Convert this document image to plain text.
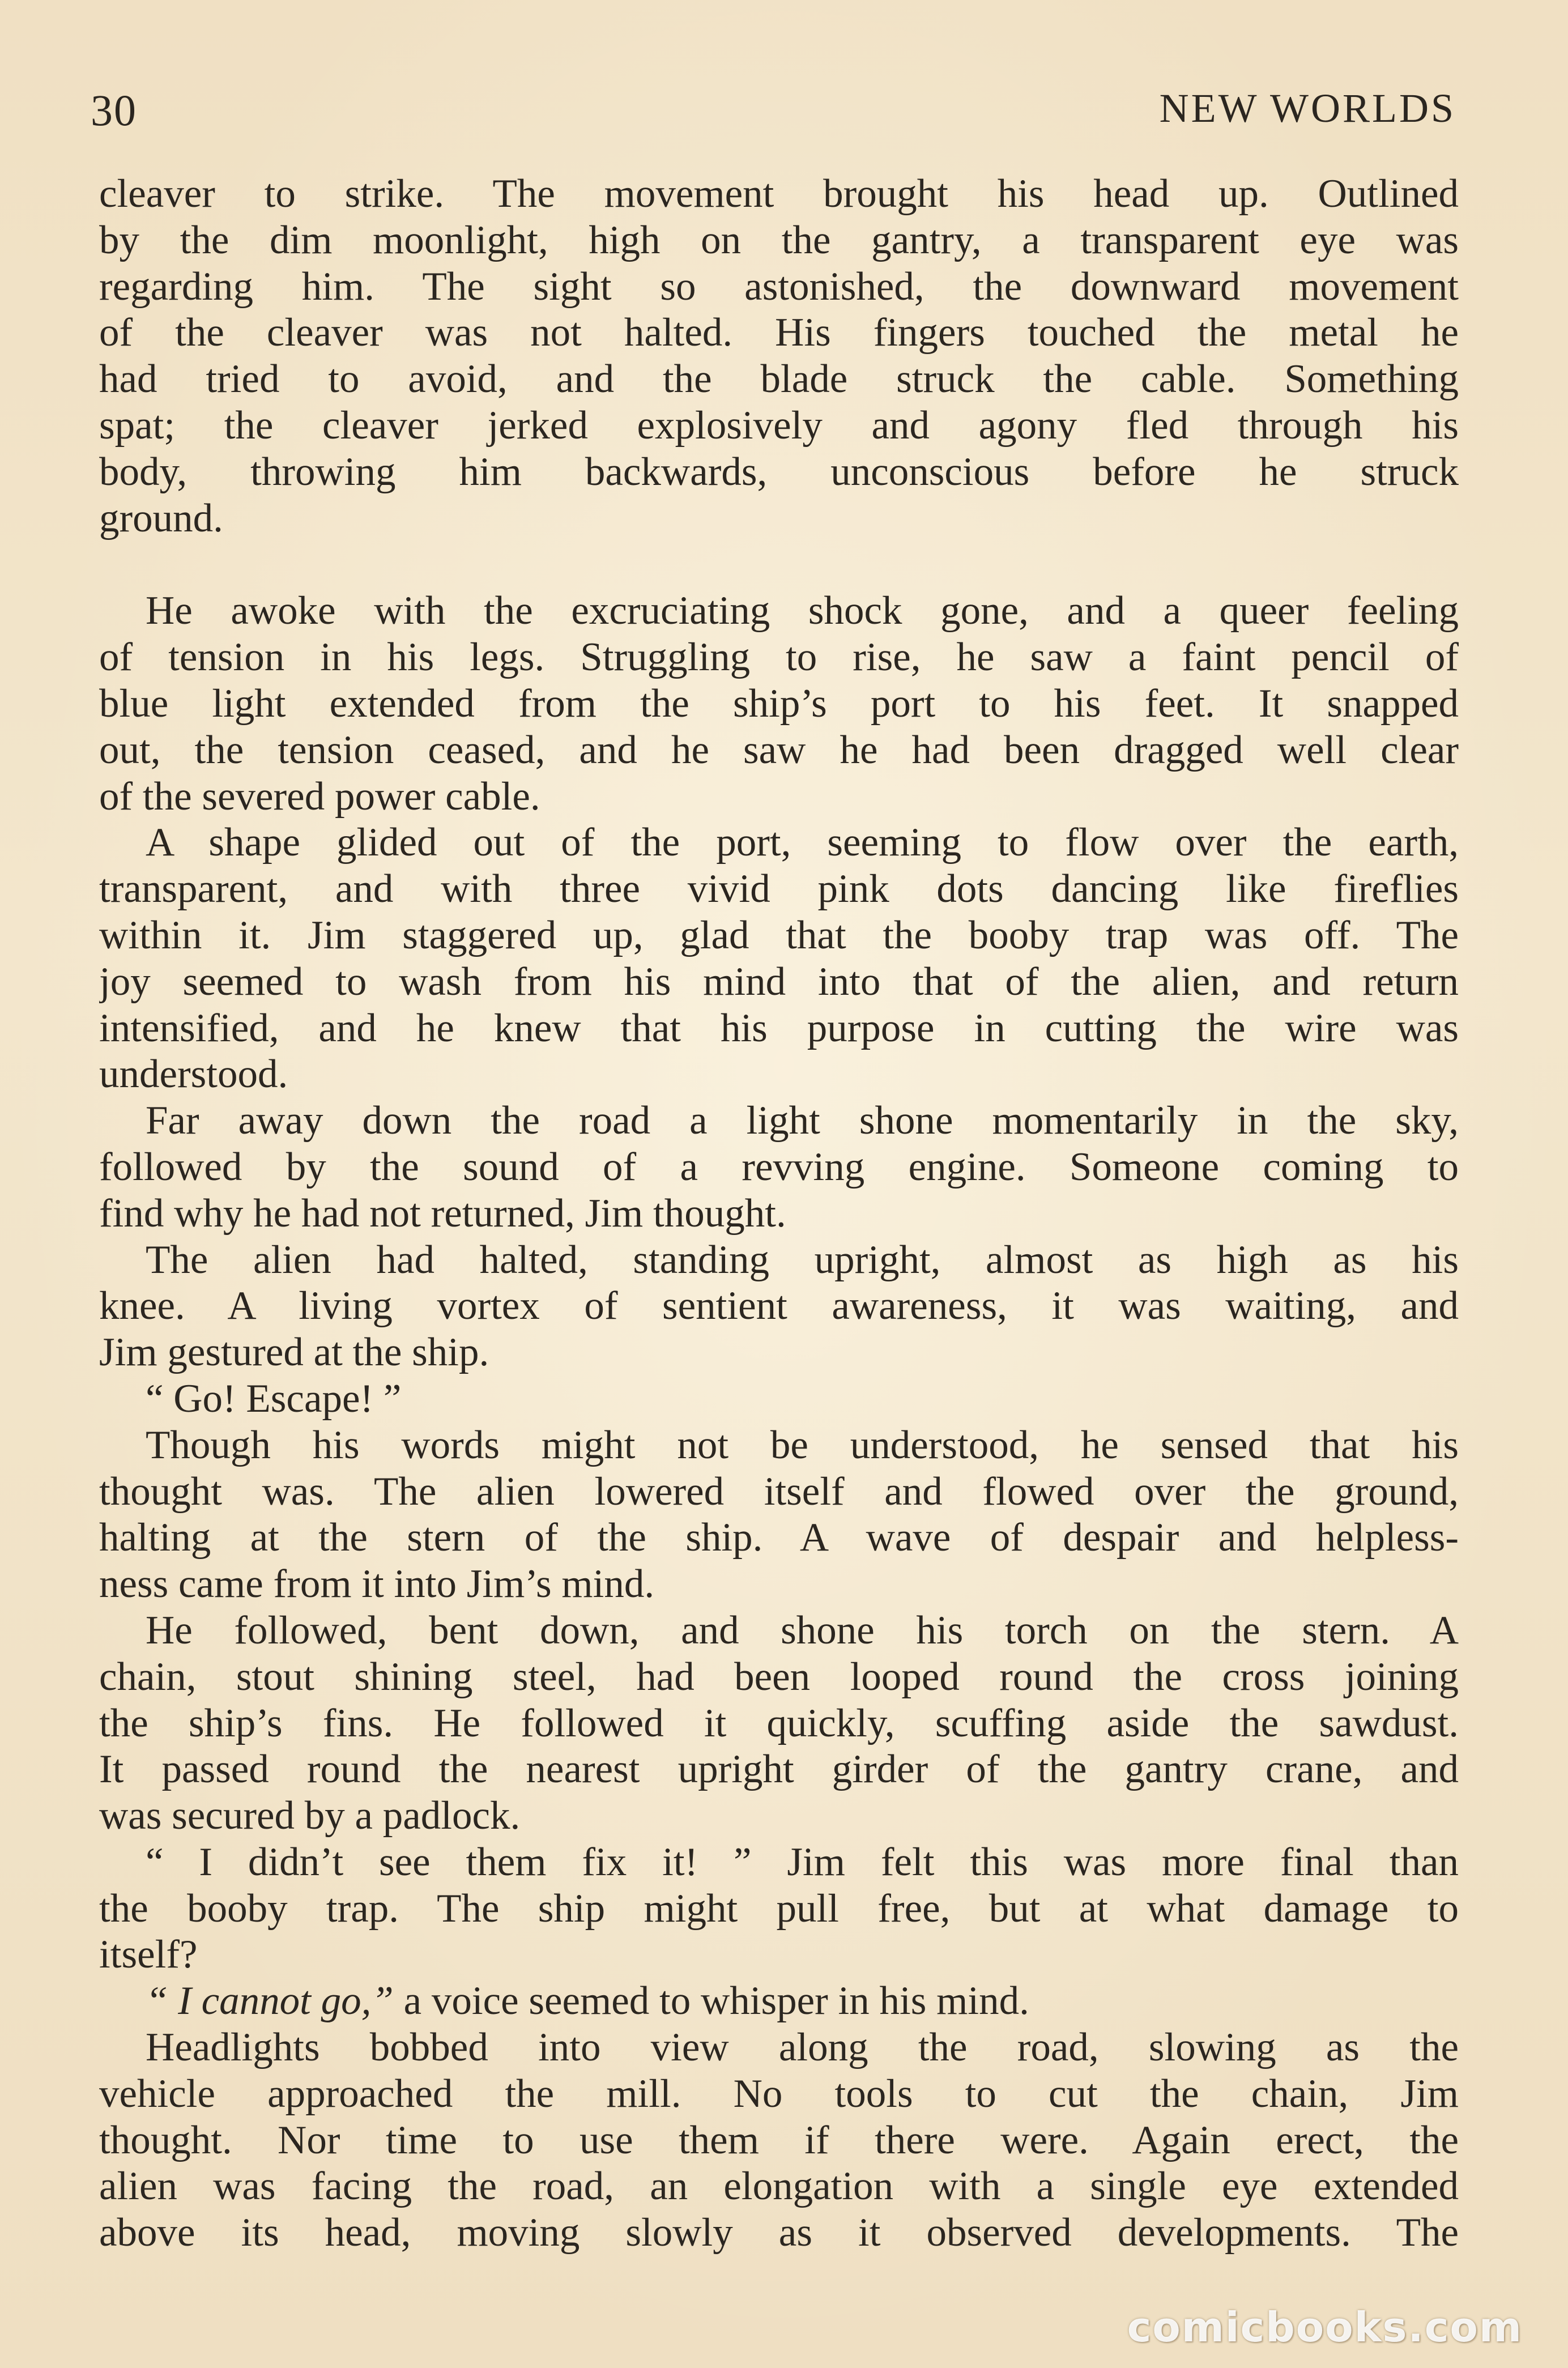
30	NEW WORLDS
cleaver to strike. The movement brought his head up. Outlined
by the dim moonlight, high on the gantry, a transparent eye was
regarding him. The sight so astonished, the downward movement
of the cleaver was not halted. His fingers touched the metal he
had tried to avoid, and the blade struck the cable. Something
spat; the cleaver jerked explosively and agony fled through his
body, throwing him backwards, unconscious before he struck
ground.
He awoke with the excruciating shock gone, and a queer feeling
of tension in his legs. Struggling to rise, he saw a faint pencil of
blue light extended from the ship’s port to his feet. It snapped
out, the tension ceased, and he saw he had been dragged well clear
of the severed power cable.
A shape glided out of the port, seeming to flow over the earth,
transparent, and with three vivid pink dots dancing like fireflies
within it. Jim staggered up, glad that the booby trap was off. The
joy seemed to wash from his mind into that of the alien, and return
intensified, and he knew that his purpose in cutting the wire was
understood.
Far away down the road a light shone momentarily in the sky,
followed by the sound of a revving engine. Someone coming to
find why he had not returned, Jim thought.
The alien had halted, standing upright, almost as high as his
knee. A living vortex of sentient awareness, it was waiting, and
Jim gestured at the ship.
“ Go! Escape! ”
Though his words might not be understood, he sensed that his
thought was. The alien lowered itself and flowed over the ground,
halting at the stern of the ship. A wave of despair and helpless-
ness came from it into Jim’s mind.
He followed, bent down, and shone his torch on the stern. A
chain, stout shining steel, had been looped round the cross joining
the ship’s fins. He followed it quickly, scuffing aside the sawdust.
It passed round the nearest upright girder of the gantry crane, and
was secured by a padlock.
“ I didn’t see them fix it! ” Jim felt this was more final than
the booby trap. The ship might pull free, but at what damage to
itself?
“ I cannot go,” a voice seemed to whisper in his mind.
Headlights bobbed into view along the road, slowing as the
vehicle approached the mill. No tools to cut the chain, Jim
thought. Nor time to use them if there were. Again erect, the
alien was facing the road, an elongation with a single eye extended
above its head, moving slowly as it observed developments. The
comicbooks.com
